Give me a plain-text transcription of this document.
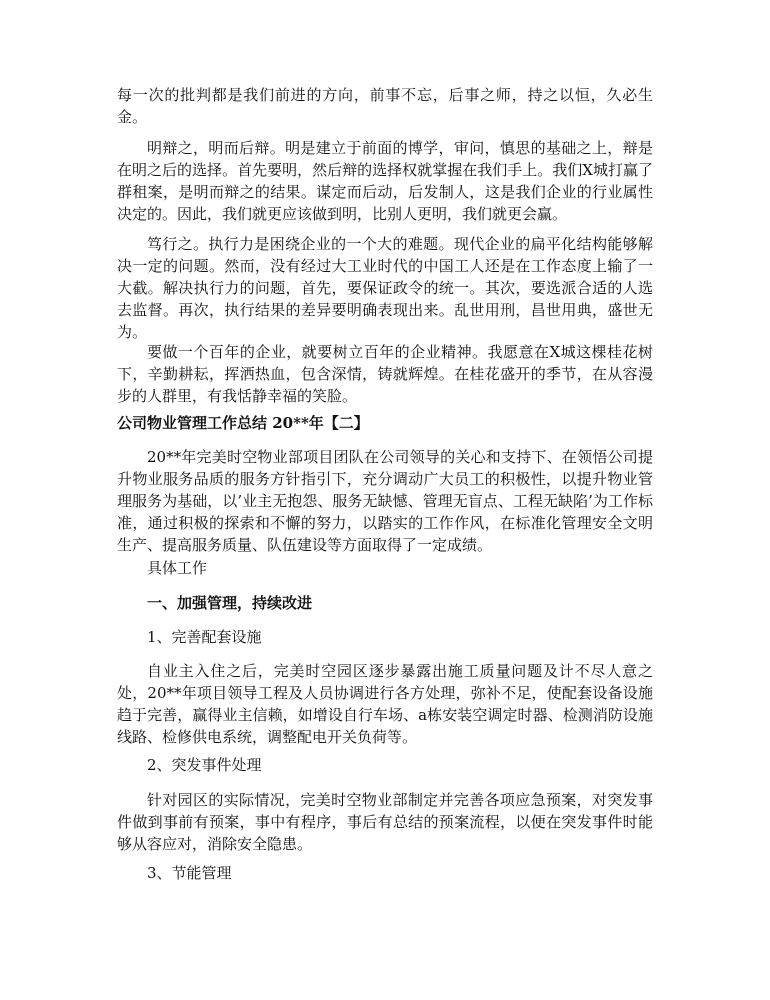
每一次的批判都是我们前进的方向，前事不忘，后事之师，持之以恒，久必生金。

明辩之，明而后辩。明是建立于前面的博学，审问，慎思的基础之上，辩是在明之后的选择。首先要明，然后辩的选择权就掌握在我们手上。我们X城打赢了群租案，是明而辩之的结果。谋定而后动，后发制人，这是我们企业的行业属性决定的。因此，我们就更应该做到明，比别人更明，我们就更会赢。

笃行之。执行力是困绕企业的一个大的难题。现代企业的扁平化结构能够解决一定的问题。然而，没有经过大工业时代的中国工人还是在工作态度上输了一大截。解决执行力的问题，首先，要保证政令的统一。其次，要选派合适的人选去监督。再次，执行结果的差异要明确表现出来。乱世用刑，昌世用典，盛世无为。

要做一个百年的企业，就要树立百年的企业精神。我愿意在X城这棵桂花树下，辛勤耕耘，挥洒热血，包含深情，铸就辉煌。在桂花盛开的季节，在从容漫步的人群里，有我恬静幸福的笑脸。

公司物业管理工作总结 20**年【二】

20**年完美时空物业部项目团队在公司领导的关心和支持下、在领悟公司提升物业服务品质的服务方针指引下，充分调动广大员工的积极性，以提升物业管理服务为基础，以’业主无抱怨、服务无缺憾、管理无盲点、工程无缺陷’为工作标准，通过积极的探索和不懈的努力，以踏实的工作作风，在标准化管理安全文明生产、提高服务质量、队伍建设等方面取得了一定成绩。

具体工作

一、加强管理，持续改进

1、完善配套设施

自业主入住之后，完美时空园区逐步暴露出施工质量问题及计不尽人意之处，20**年项目领导工程及人员协调进行各方处理，弥补不足，使配套设备设施趋于完善，赢得业主信赖，如增设自行车场、a栋安装空调定时器、检测消防设施线路、检修供电系统，调整配电开关负荷等。

2、突发事件处理

针对园区的实际情况，完美时空物业部制定并完善各项应急预案，对突发事件做到事前有预案，事中有程序，事后有总结的预案流程，以便在突发事件时能够从容应对，消除安全隐患。

3、节能管理
